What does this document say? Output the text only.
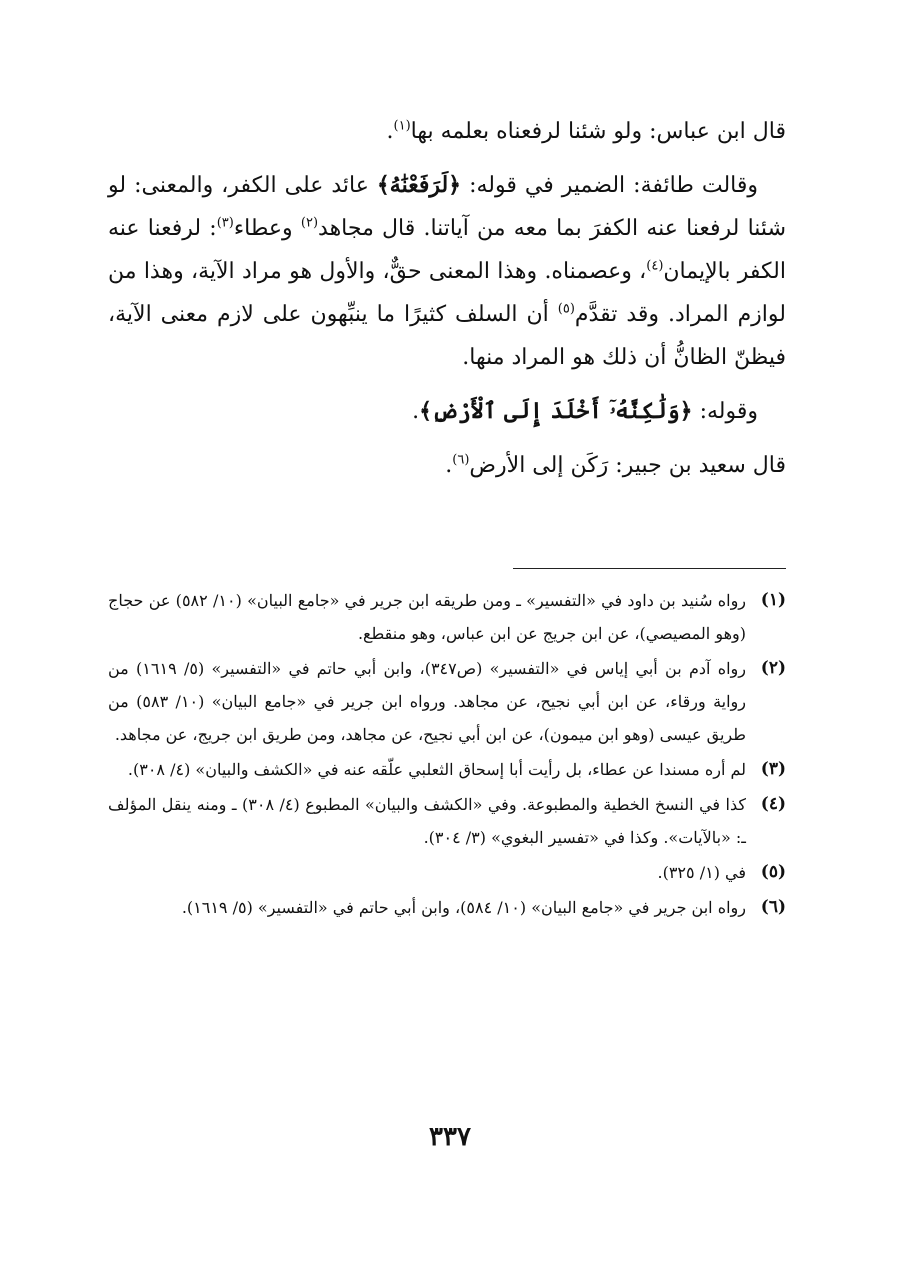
قال ابن عباس: ولو شئنا لرفعناه بعلمه بها$^{(١)}$.

وقالت طائفة: الضمير في قوله: ﴿لَرَفَعْنَٰهُ﴾ عائد على الكفر، والمعنى: لو شئنا لرفعنا عنه الكفرَ بما معه من آياتنا. قال مجاهد$^{(٢)}$ وعطاء$^{(٣)}$: لرفعنا عنه الكفر بالإيمان$^{(٤)}$، وعصمناه. وهذا المعنى حقٌّ، والأول هو مراد الآية، وهذا من لوازم المراد. وقد تقدَّم$^{(٥)}$ أن السلف كثيرًا ما ينبِّهون على لازم معنى الآية، فيظنّ الظانُّ أن ذلك هو المراد منها.

وقوله: ﴿وَلَٰكِنَّهُۥٓ أَخْلَدَ إِلَى ٱلْأَرْضِ﴾.

قال سعيد بن جبير: رَكَن إلى الأرض$^{(٦)}$.

(١)
رواه سُنيد بن داود في «التفسير» ـ ومن طريقه ابن جرير في «جامع البيان» (١٠/ ٥٨٢) عن حجاج (وهو المصيصي)، عن ابن جريج عن ابن عباس، وهو منقطع.
(٢)
رواه آدم بن أبي إياس في «التفسير» (ص٣٤٧)، وابن أبي حاتم في «التفسير» (٥/ ١٦١٩) من رواية ورقاء، عن ابن أبي نجيح، عن مجاهد. ورواه ابن جرير في «جامع البيان» (١٠/ ٥٨٣) من طريق عيسى (وهو ابن ميمون)، عن ابن أبي نجيح، عن مجاهد، ومن طريق ابن جريج، عن مجاهد.
(٣)
لم أره مسندا عن عطاء، بل رأيت أبا إسحاق الثعلبي علّقه عنه في «الكشف والبيان» (٤/ ٣٠٨).
(٤)
كذا في النسخ الخطية والمطبوعة. وفي «الكشف والبيان» المطبوع (٤/ ٣٠٨) ـ ومنه ينقل المؤلف ـ: «بالآيات». وكذا في «تفسير البغوي» (٣/ ٣٠٤).
(٥)
في (١/ ٣٢٥).
(٦)
رواه ابن جرير في «جامع البيان» (١٠/ ٥٨٤)، وابن أبي حاتم في «التفسير» (٥/ ١٦١٩).
٣٣٧
